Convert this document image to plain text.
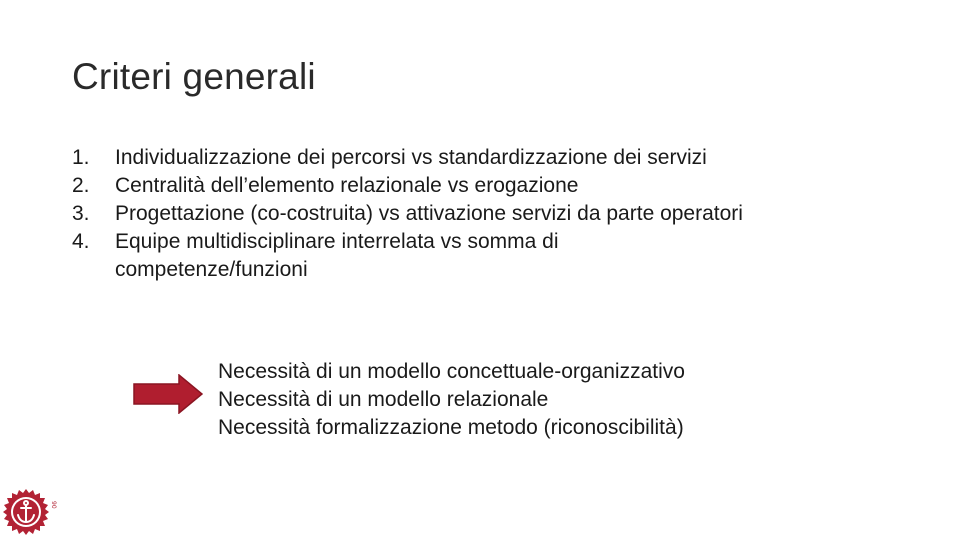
Criteri generali
1. Individualizzazione dei percorsi vs standardizzazione dei servizi
2. Centralità dell’elemento relazionale vs erogazione
3. Progettazione (co-costruita) vs attivazione servizi da parte operatori
4. Equipe multidisciplinare interrelata vs somma di competenze/funzioni
Necessità di un modello concettuale-organizzativo
Necessità di un modello relazionale
Necessità formalizzazione metodo (riconoscibilità)
90
